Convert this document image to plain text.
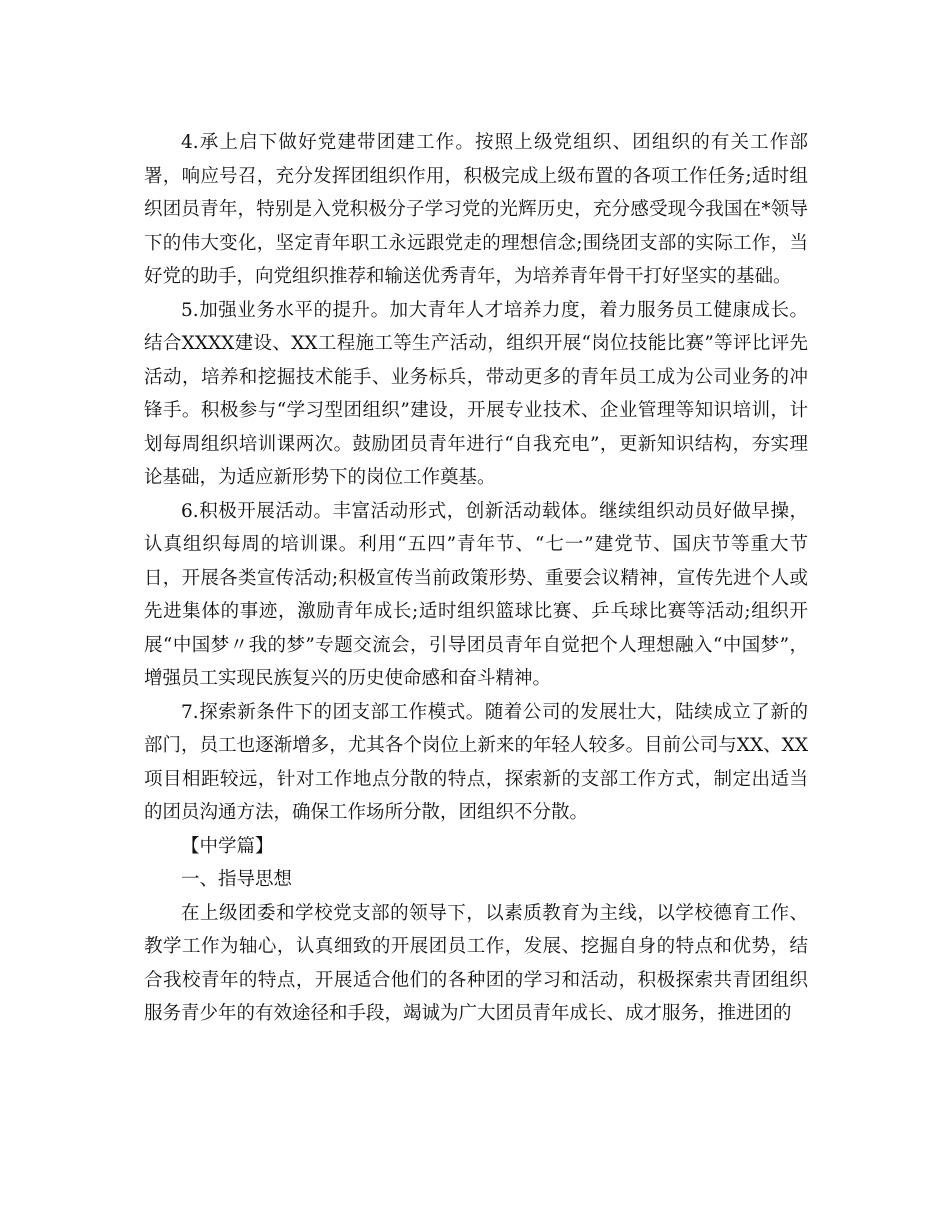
4.承上启下做好党建带团建工作。按照上级党组织、团组织的有关工作部署，响应号召，充分发挥团组织作用，积极完成上级布置的各项工作任务;适时组织团员青年，特别是入党积极分子学习党的光辉历史，充分感受现今我国在*领导下的伟大变化，坚定青年职工永远跟党走的理想信念;围绕团支部的实际工作，当好党的助手，向党组织推荐和输送优秀青年，为培养青年骨干打好坚实的基础。

5.加强业务水平的提升。加大青年人才培养力度，着力服务员工健康成长。结合XXXX建设、XX工程施工等生产活动，组织开展“岗位技能比赛”等评比评先活动，培养和挖掘技术能手、业务标兵，带动更多的青年员工成为公司业务的冲锋手。积极参与“学习型团组织”建设，开展专业技术、企业管理等知识培训，计划每周组织培训课两次。鼓励团员青年进行“自我充电”，更新知识结构，夯实理论基础，为适应新形势下的岗位工作奠基。

6.积极开展活动。丰富活动形式，创新活动载体。继续组织动员好做早操，认真组织每周的培训课。利用“五四”青年节、“七一”建党节、国庆节等重大节日，开展各类宣传活动;积极宣传当前政策形势、重要会议精神，宣传先进个人或先进集体的事迹，激励青年成长;适时组织篮球比赛、乒乓球比赛等活动;组织开展“中国梦〃我的梦”专题交流会，引导团员青年自觉把个人理想融入“中国梦”，增强员工实现民族复兴的历史使命感和奋斗精神。

7.探索新条件下的团支部工作模式。随着公司的发展壮大，陆续成立了新的部门，员工也逐渐增多，尤其各个岗位上新来的年轻人较多。目前公司与XX、XX项目相距较远，针对工作地点分散的特点，探索新的支部工作方式，制定出适当的团员沟通方法，确保工作场所分散，团组织不分散。

【中学篇】

一、指导思想

在上级团委和学校党支部的领导下，以素质教育为主线，以学校德育工作、教学工作为轴心，认真细致的开展团员工作，发展、挖掘自身的特点和优势，结合我校青年的特点，开展适合他们的各种团的学习和活动，积极探索共青团组织服务青少年的有效途径和手段，竭诚为广大团员青年成长、成才服务，推进团的
